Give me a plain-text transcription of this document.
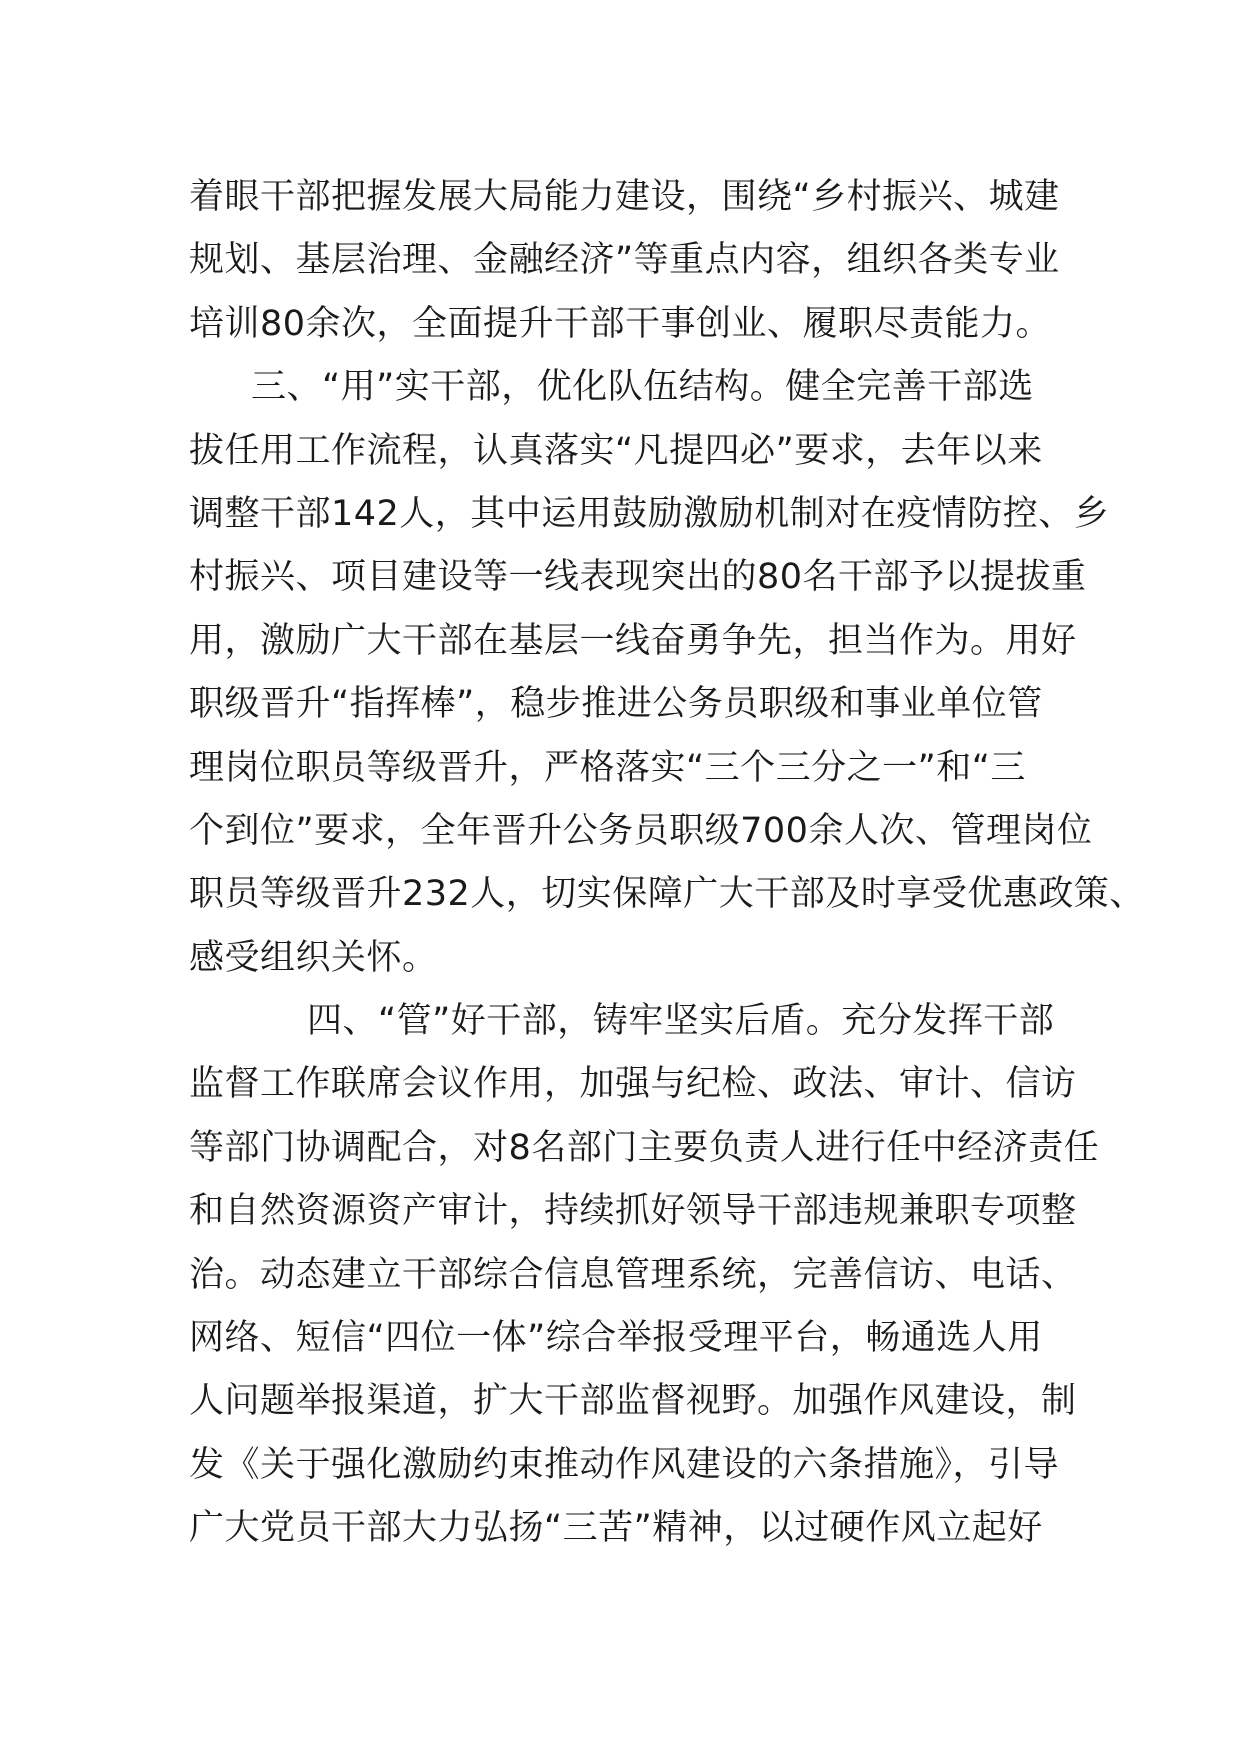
着眼干部把握发展大局能力建设，围绕“乡村振兴、城建
规划、基层治理、金融经济”等重点内容，组织各类专业
培训80余次，全面提升干部干事创业、履职尽责能力。
三、“用”实干部，优化队伍结构。健全完善干部选
拔任用工作流程，认真落实“凡提四必”要求，去年以来
调整干部142人，其中运用鼓励激励机制对在疫情防控、乡
村振兴、项目建设等一线表现突出的80名干部予以提拔重
用，激励广大干部在基层一线奋勇争先，担当作为。用好
职级晋升“指挥棒”，稳步推进公务员职级和事业单位管
理岗位职员等级晋升，严格落实“三个三分之一”和“三
个到位”要求，全年晋升公务员职级700余人次、管理岗位
职员等级晋升232人，切实保障广大干部及时享受优惠政策、
感受组织关怀。
四、“管”好干部，铸牢坚实后盾。充分发挥干部
监督工作联席会议作用，加强与纪检、政法、审计、信访
等部门协调配合，对8名部门主要负责人进行任中经济责任
和自然资源资产审计，持续抓好领导干部违规兼职专项整
治。动态建立干部综合信息管理系统，完善信访、电话、
网络、短信“四位一体”综合举报受理平台，畅通选人用
人问题举报渠道，扩大干部监督视野。加强作风建设，制
发《关于强化激励约束推动作风建设的六条措施》，引导
广大党员干部大力弘扬“三苦”精神，以过硬作风立起好
